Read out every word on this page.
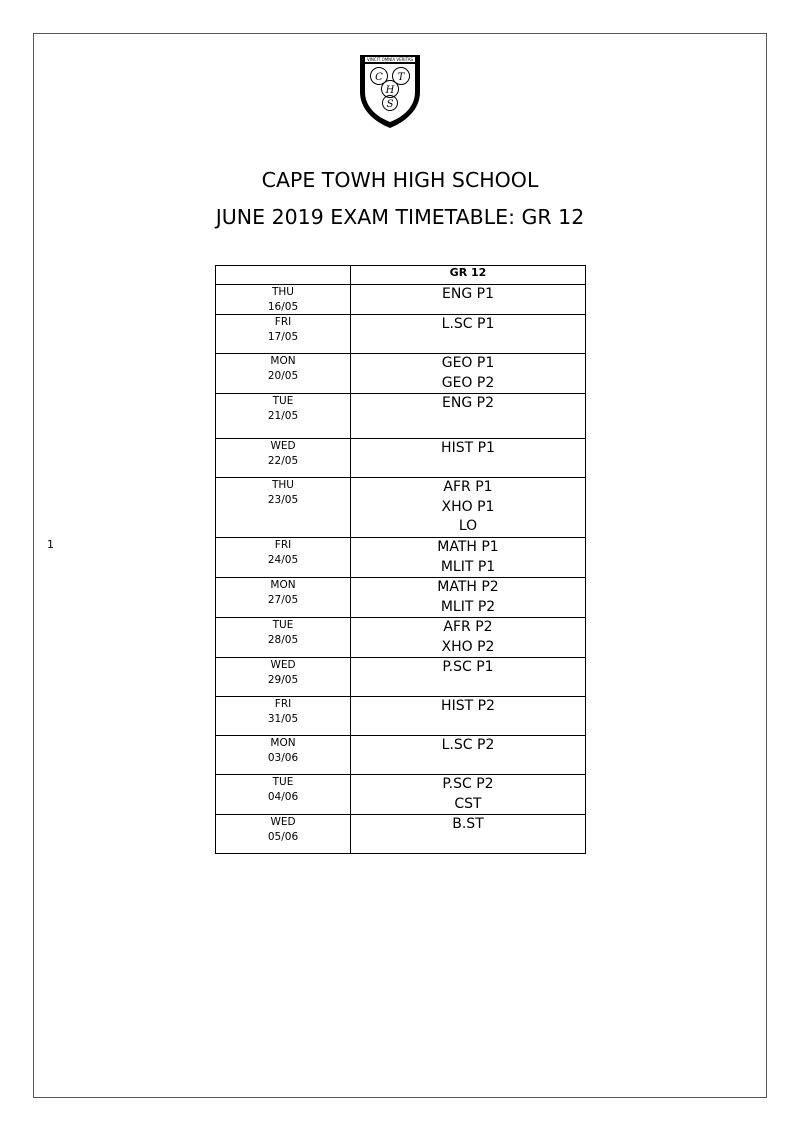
VINCIT OMNIA VERITAS
C T
H
S
CAPE TOWH HIGH SCHOOL
JUNE 2019 EXAM TIMETABLE: GR 12
1
	GR 12

THU
16/05	ENG P1

FRI
17/05	L.SC P1

MON
20/05	GEO P1
GEO P2

TUE
21/05	ENG P2

WED
22/05	HIST P1

THU
23/05	AFR P1
XHO P1
LO

FRI
24/05	MATH P1
MLIT P1

MON
27/05	MATH P2
MLIT P2

TUE
28/05	AFR P2
XHO P2

WED
29/05	P.SC P1

FRI
31/05	HIST P2

MON
03/06	L.SC P2

TUE
04/06	P.SC P2
CST

WED
05/06	B.ST
